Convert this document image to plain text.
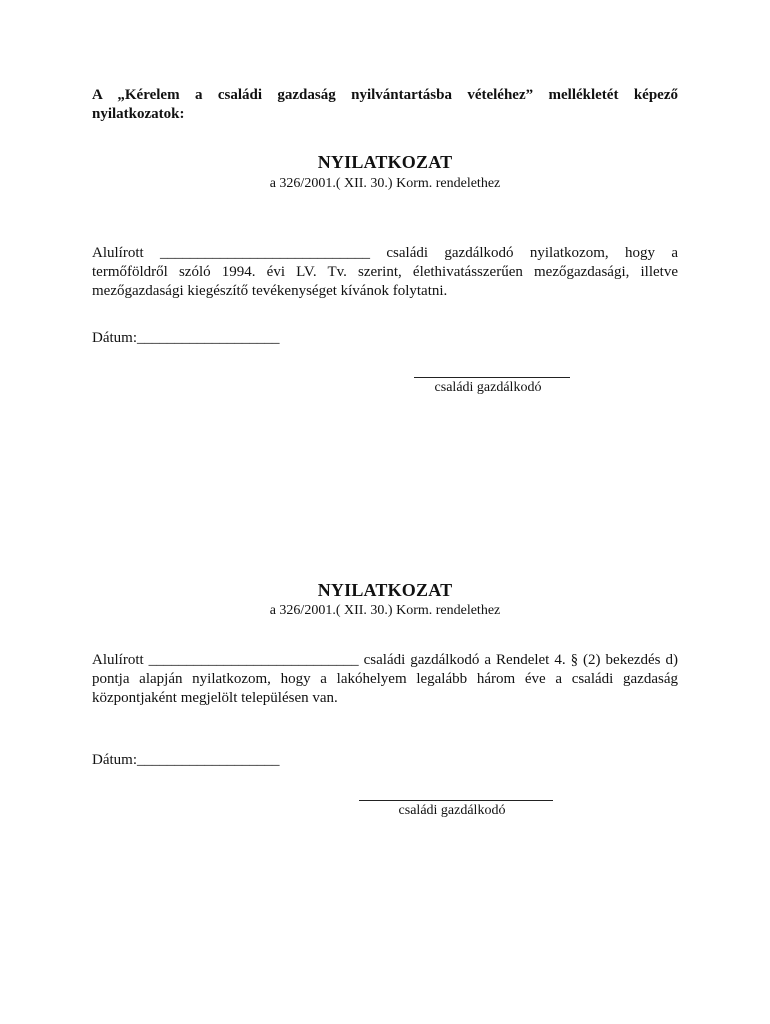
A „Kérelem a családi gazdaság nyilvántartásba vételéhez” mellékletét képező nyilatkozatok:
NYILATKOZAT
a 326/2001.( XII. 30.) Korm. rendelethez
Alulírott ____________________________ családi gazdálkodó nyilatkozom, hogy a termőföldről szóló 1994. évi LV. Tv. szerint, élethivatásszerűen mezőgazdasági, illetve mezőgazdasági kiegészítő tevékenységet kívánok folytatni.
Dátum:___________________
családi gazdálkodó
NYILATKOZAT
a 326/2001.( XII. 30.) Korm. rendelethez
Alulírott ____________________________ családi gazdálkodó a Rendelet 4. § (2) bekezdés d) pontja alapján nyilatkozom, hogy a lakóhelyem legalább három éve a családi gazdaság központjaként megjelölt településen van.
Dátum:___________________
családi gazdálkodó
